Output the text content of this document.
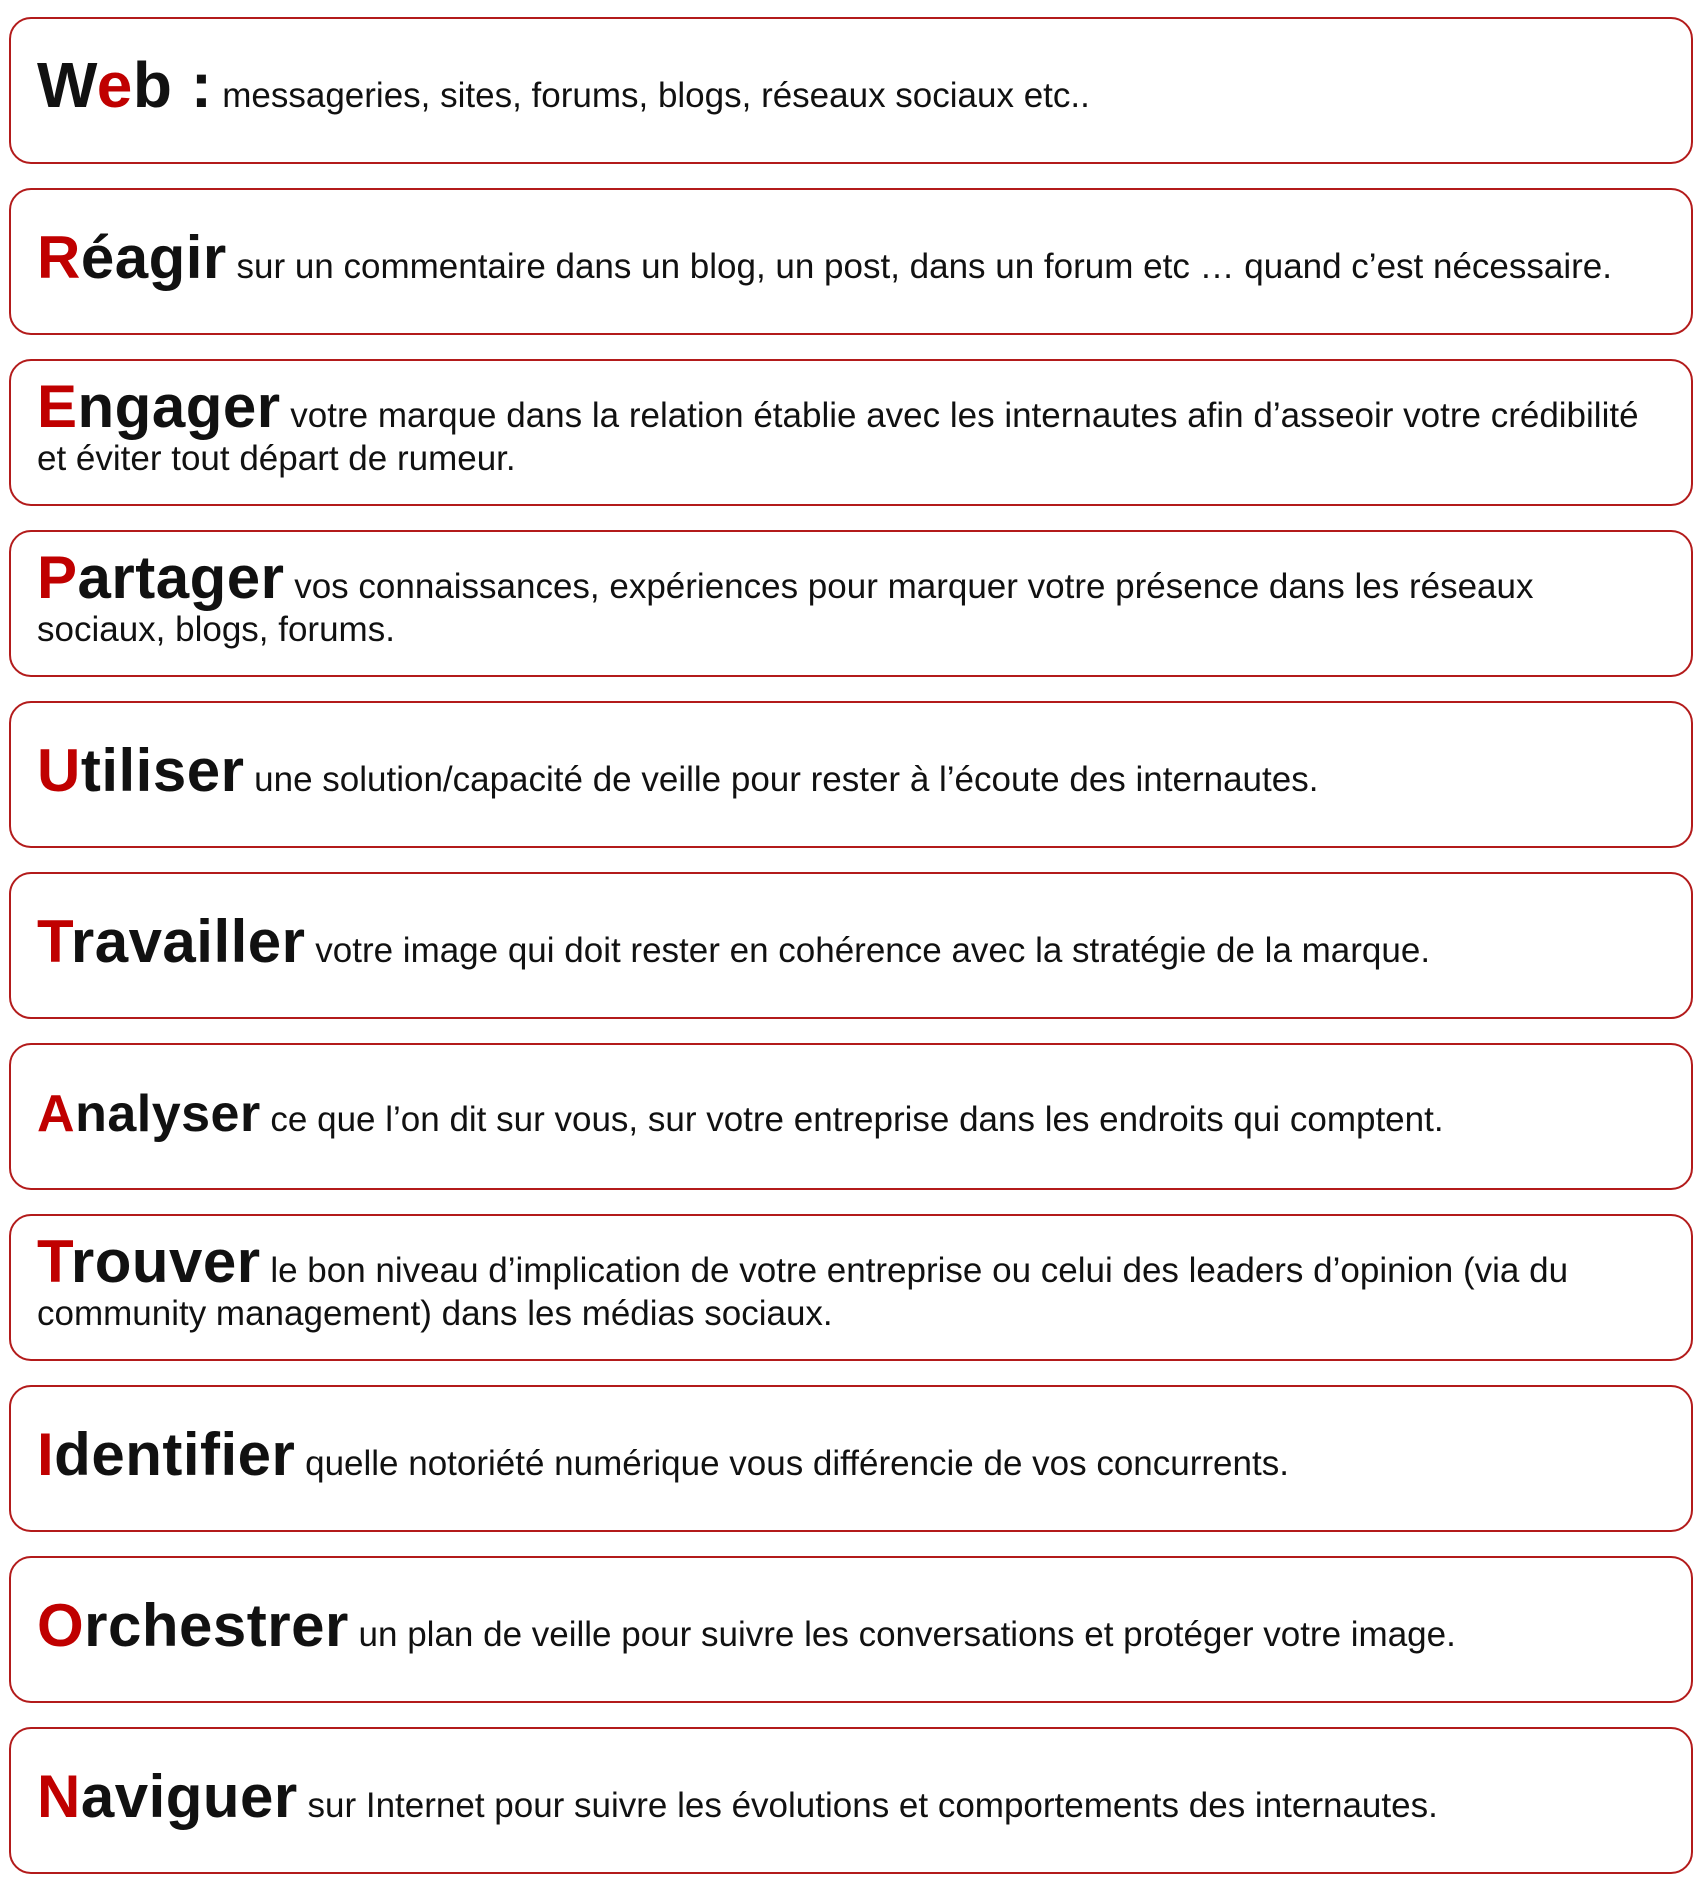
Web : messageries, sites, forums, blogs, réseaux sociaux etc..

Réagir sur un commentaire dans un blog, un post, dans un forum etc … quand c’est nécessaire.

Engager votre marque dans la relation établie avec les internautes afin d’asseoir votre crédibilité et éviter tout départ de rumeur.

Partager vos connaissances, expériences pour marquer votre présence dans les réseaux sociaux, blogs, forums.

Utiliser une solution/capacité de veille pour rester à l’écoute des internautes.

Travailler votre image qui doit rester en cohérence avec la stratégie de la marque.

Analyser ce que l’on dit sur vous, sur votre entreprise dans les endroits qui comptent.

Trouver le bon niveau d’implication de votre entreprise ou celui des leaders d’opinion (via du community management) dans les médias sociaux.

Identifier quelle notoriété numérique vous différencie de vos concurrents.

Orchestrer un plan de veille pour suivre les conversations et protéger votre image.

Naviguer sur Internet pour suivre les évolutions et comportements des internautes.
